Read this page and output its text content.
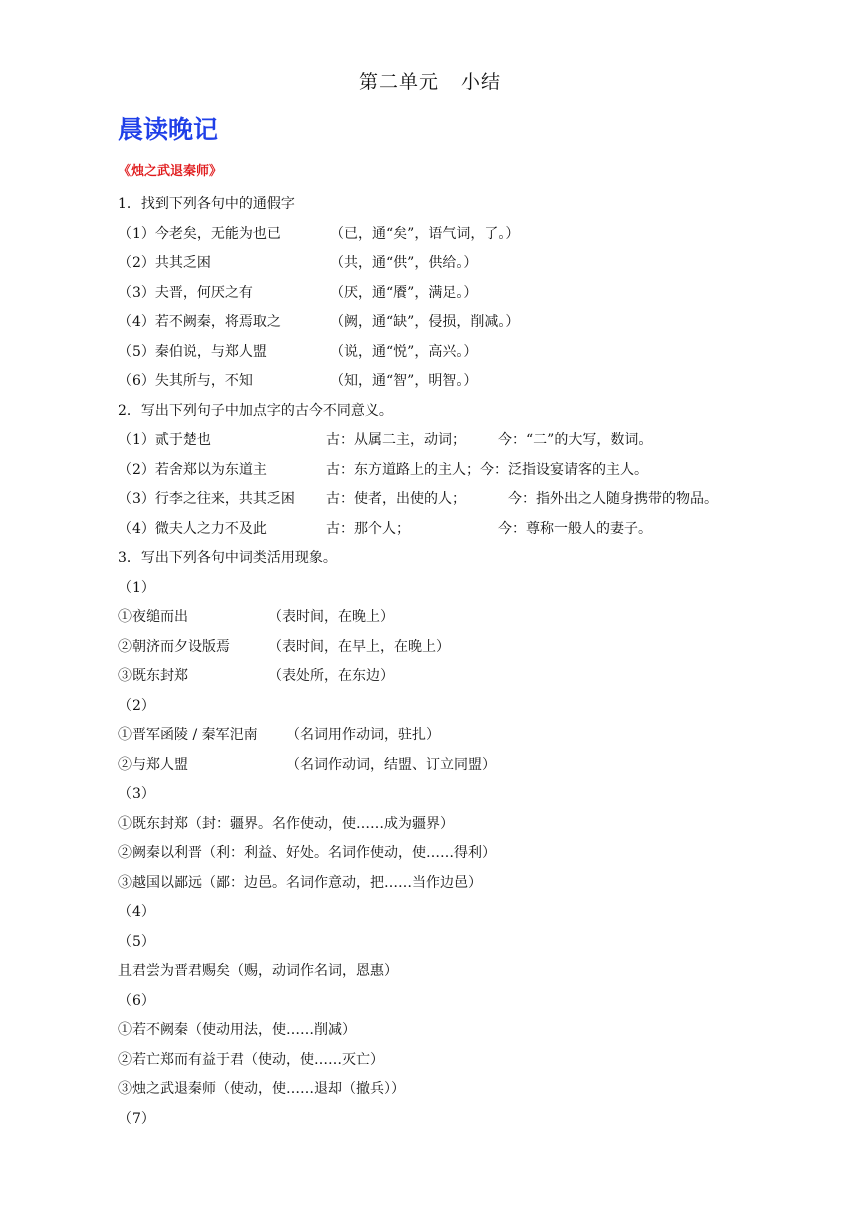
第二单元 小结
晨读晚记
《烛之武退秦师》
1．找到下列各句中的通假字
（1）今老矣，无能为也已	（已，通“矣”，语气词，了。）
（2）共其乏困	（共，通“供”，供给。）
（3）夫晋，何厌之有	（厌，通“餍”，满足。）
（4）若不阙秦，将焉取之	（阙，通“缺”，侵损，削减。）
（5）秦伯说，与郑人盟	（说，通“悦”，高兴。）
（6）失其所与，不知	（知，通“智”，明智。）
2．写出下列句子中加点字的古今不同意义。
（1）贰于楚也	古：从属二主，动词； 今：“二”的大写，数词。
（2）若舍郑以为东道主	古：东方道路上的主人；今：泛指设宴请客的主人。
（3）行李之往来，共其乏困 古：使者，出使的人；	今：指外出之人随身携带的物品。
（4）微夫人之力不及此	古：那个人；	今：尊称一般人的妻子。
3．写出下列各句中词类活用现象。
（1）
①夜缒而出	（表时间，在晚上）
②朝济而夕设版焉	（表时间，在早上，在晚上）
③既东封郑	（表处所，在东边）
（2）
①晋军函陵 / 秦军汜南 （名词用作动词，驻扎）
②与郑人盟	（名词作动词，结盟、订立同盟）
（3）
①既东封郑（封：疆界。名作使动，使……成为疆界）
②阙秦以利晋（利：利益、好处。名词作使动，使……得利）
③越国以鄙远（鄙：边邑。名词作意动，把……当作边邑）
（4）
（5）
且君尝为晋君赐矣（赐，动词作名词，恩惠）
（6）
①若不阙秦（使动用法，使……削减）
②若亡郑而有益于君（使动，使……灭亡）
③烛之武退秦师（使动，使……退却（撤兵））
（7）
